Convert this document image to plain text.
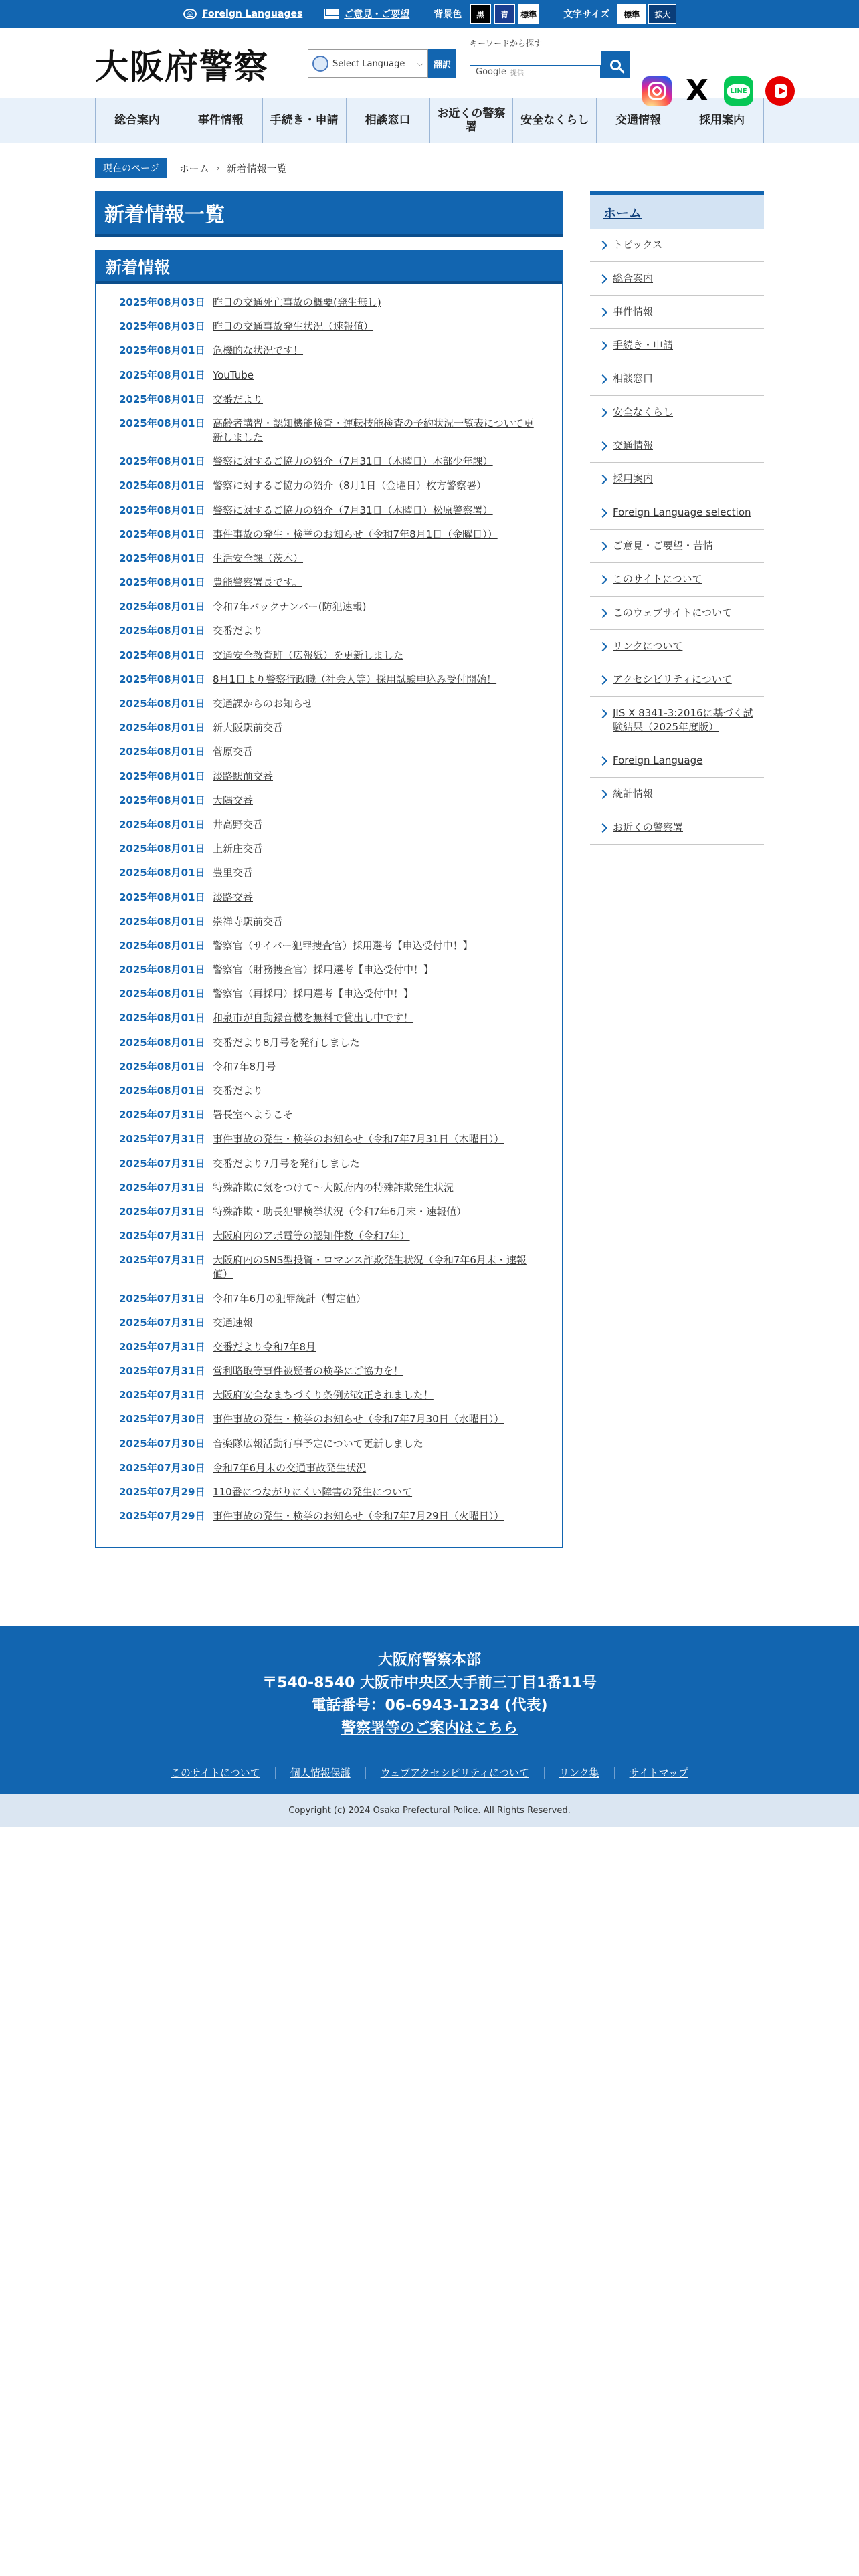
◎	Foreign Languages	ご意見・ご要望	背景色	黒	青	標準	文字サイズ	標準	拡大
大阪府警察	Select Language ⌵	翻訳
キーワードから探す
Google 提供
X	LINE
総合案内	事件情報	手続き・申請	相談窓口
お近くの警察署
安全なくらし	交通情報	採用案内
現在のページ	ホーム › 新着情報一覧
新着情報一覧
新着情報
2025年08月03日 昨日の交通死亡事故の概要(発生無し)
2025年08月03日 昨日の交通事故発生状況（速報値）
2025年08月01日 危機的な状況です！
2025年08月01日 YouTube
2025年08月01日 交番だより
2025年08月01日 高齢者講習・認知機能検査・運転技能検査の予約状況一覧表について更新しました
2025年08月01日 警察に対するご協力の紹介（7月31日（木曜日）本部少年課）
2025年08月01日 警察に対するご協力の紹介（8月1日（金曜日）枚方警察署）
2025年08月01日 警察に対するご協力の紹介（7月31日（木曜日）松原警察署）
2025年08月01日 事件事故の発生・検挙のお知らせ（令和7年8月1日（金曜日））
2025年08月01日 生活安全課（茨木）
2025年08月01日 豊能警察署長です。
2025年08月01日 令和7年バックナンバー(防犯速報)
2025年08月01日 交番だより
2025年08月01日 交通安全教育班（広報紙）を更新しました
2025年08月01日 8月1日より警察行政職（社会人等）採用試験申込み受付開始！
2025年08月01日 交通課からのお知らせ
2025年08月01日 新大阪駅前交番
2025年08月01日 菅原交番
2025年08月01日 淡路駅前交番
2025年08月01日 大隅交番
2025年08月01日 井高野交番
2025年08月01日 上新庄交番
2025年08月01日 豊里交番
2025年08月01日 淡路交番
2025年08月01日 崇禅寺駅前交番
2025年08月01日 警察官（サイバー犯罪捜査官）採用選考【申込受付中！】
2025年08月01日 警察官（財務捜査官）採用選考【申込受付中！】
2025年08月01日 警察官（再採用）採用選考【申込受付中！】
2025年08月01日 和泉市が自動録音機を無料で貸出し中です！
2025年08月01日 交番だより8月号を発行しました
2025年08月01日 令和7年8月号
2025年08月01日 交番だより
2025年07月31日 署長室へようこそ
2025年07月31日 事件事故の発生・検挙のお知らせ（令和7年7月31日（木曜日））
2025年07月31日 交番だより7月号を発行しました
2025年07月31日 特殊詐欺に気をつけて〜大阪府内の特殊詐欺発生状況
2025年07月31日 特殊詐欺・助長犯罪検挙状況（令和7年6月末・速報値）
2025年07月31日 大阪府内のアポ電等の認知件数（令和7年）
2025年07月31日 大阪府内のSNS型投資・ロマンス詐欺発生状況（令和7年6月末・速報値）
2025年07月31日 令和7年6月の犯罪統計（暫定値）
2025年07月31日 交通速報
2025年07月31日 交番だより令和7年8月
2025年07月31日 営利略取等事件被疑者の検挙にご協力を！
2025年07月31日 大阪府安全なまちづくり条例が改正されました！
2025年07月30日 事件事故の発生・検挙のお知らせ（令和7年7月30日（水曜日））
2025年07月30日 音楽隊広報活動行事予定について更新しました
2025年07月30日 令和7年6月末の交通事故発生状況
2025年07月29日 110番につながりにくい障害の発生について
2025年07月29日 事件事故の発生・検挙のお知らせ（令和7年7月29日（火曜日））
ホーム
トピックス
総合案内
事件情報
手続き・申請
相談窓口
安全なくらし
交通情報
採用案内
Foreign Language selection
ご意見・ご要望・苦情
このサイトについて
このウェブサイトについて
リンクについて
アクセシビリティについて
JIS X 8341-3:2016に基づく試験結果（2025年度版）
Foreign Language
統計情報
お近くの警察署
大阪府警察本部
〒540-8540 大阪市中央区大手前三丁目1番11号
電話番号：06-6943-1234 (代表)
警察署等のご案内はこちら
このサイトについて	個人情報保護	ウェブアクセシビリティについて	リンク集	サイトマップ
Copyright (c) 2024 Osaka Prefectural Police. All Rights Reserved.
